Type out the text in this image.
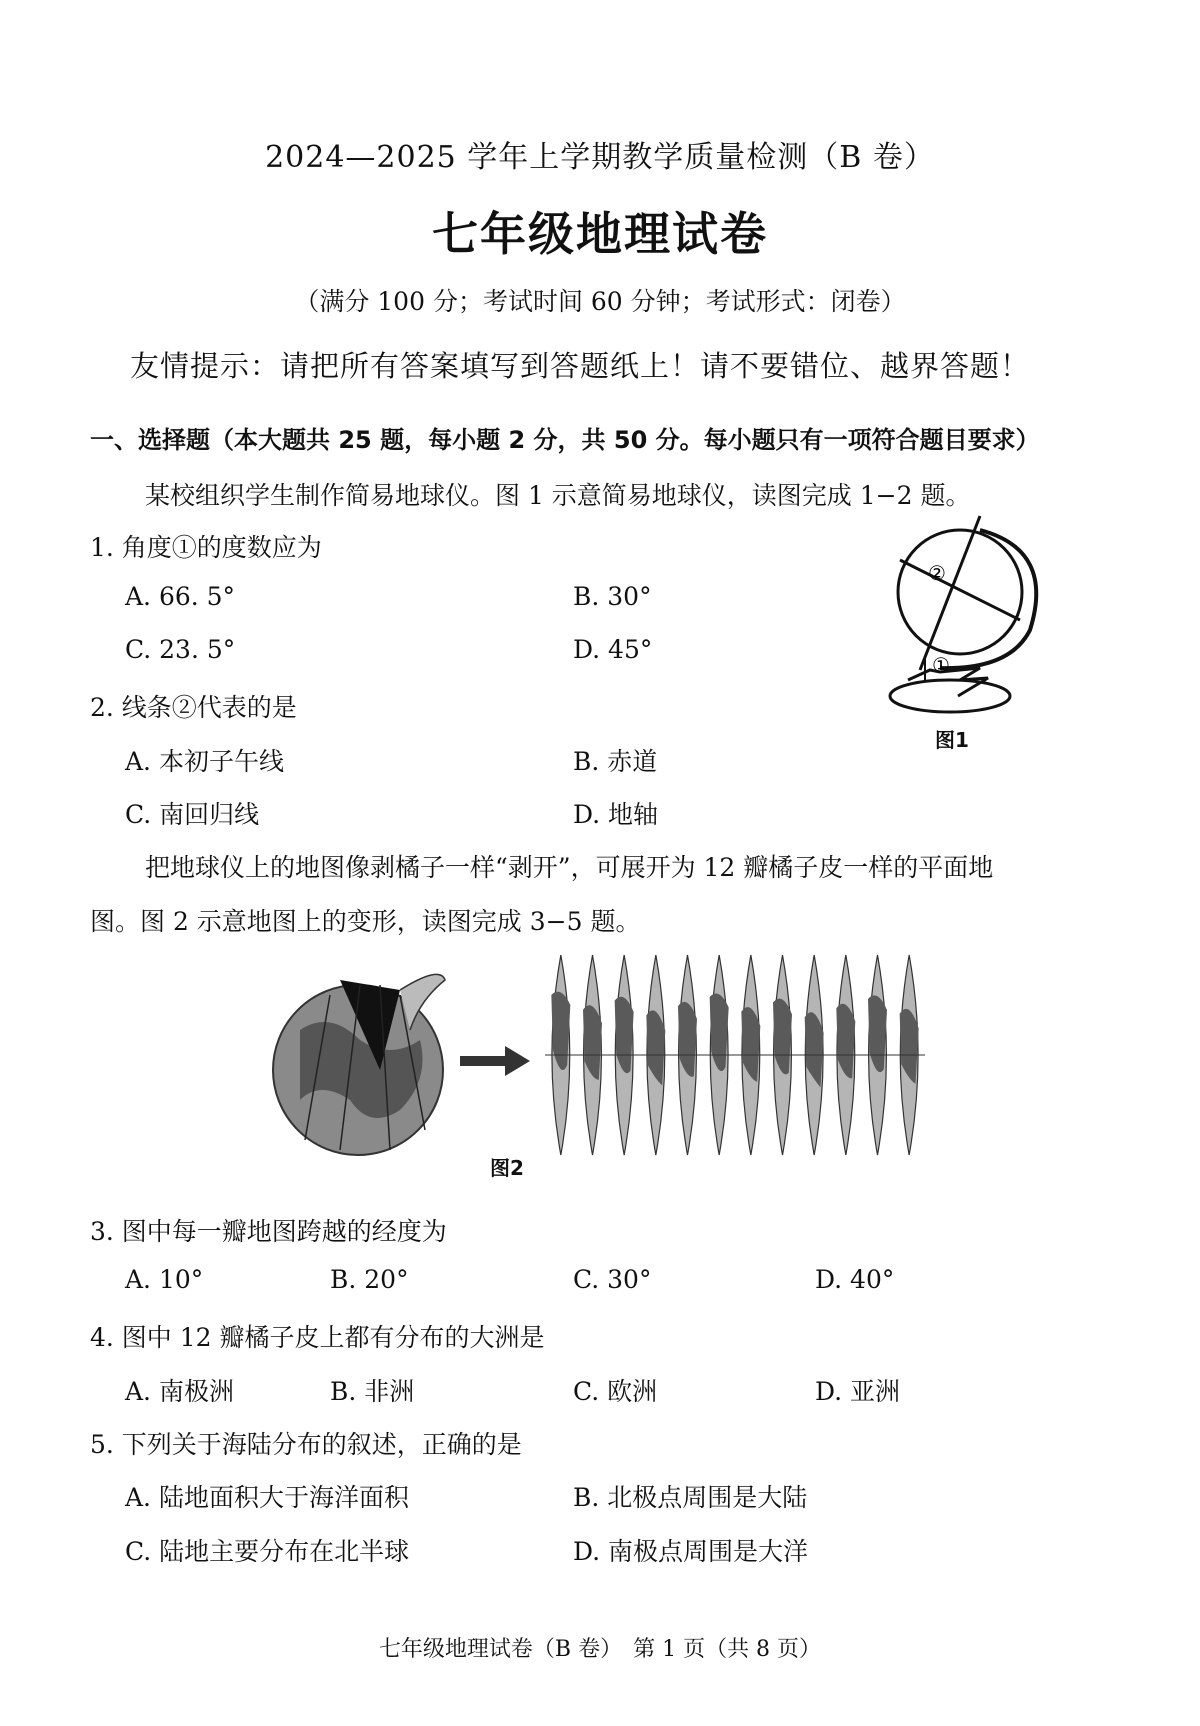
2024—2025 学年上学期教学质量检测（B 卷）
七年级地理试卷
（满分 100 分；考试时间 60 分钟；考试形式：闭卷）
友情提示：请把所有答案填写到答题纸上！请不要错位、越界答题！
一、选择题（本大题共 25 题，每小题 2 分，共 50 分。每小题只有一项符合题目要求）
某校组织学生制作简易地球仪。图 1 示意简易地球仪，读图完成 1−2 题。
1. 角度①的度数应为
A. 66. 5°	B. 30°
C. 23. 5°	D. 45°
2. 线条②代表的是
A. 本初子午线	B. 赤道
C. 南回归线	D. 地轴
②
①
图1
把地球仪上的地图像剥橘子一样“剥开”，可展开为 12 瓣橘子皮一样的平面地
图。图 2 示意地图上的变形，读图完成 3−5 题。
图2
3. 图中每一瓣地图跨越的经度为
A. 10°	B. 20°	C. 30°	D. 40°
4. 图中 12 瓣橘子皮上都有分布的大洲是
A. 南极洲	B. 非洲	C. 欧洲	D. 亚洲
5. 下列关于海陆分布的叙述，正确的是
A. 陆地面积大于海洋面积	B. 北极点周围是大陆
C. 陆地主要分布在北半球	D. 南极点周围是大洋
七年级地理试卷（B 卷）　第 1 页（共 8 页）
